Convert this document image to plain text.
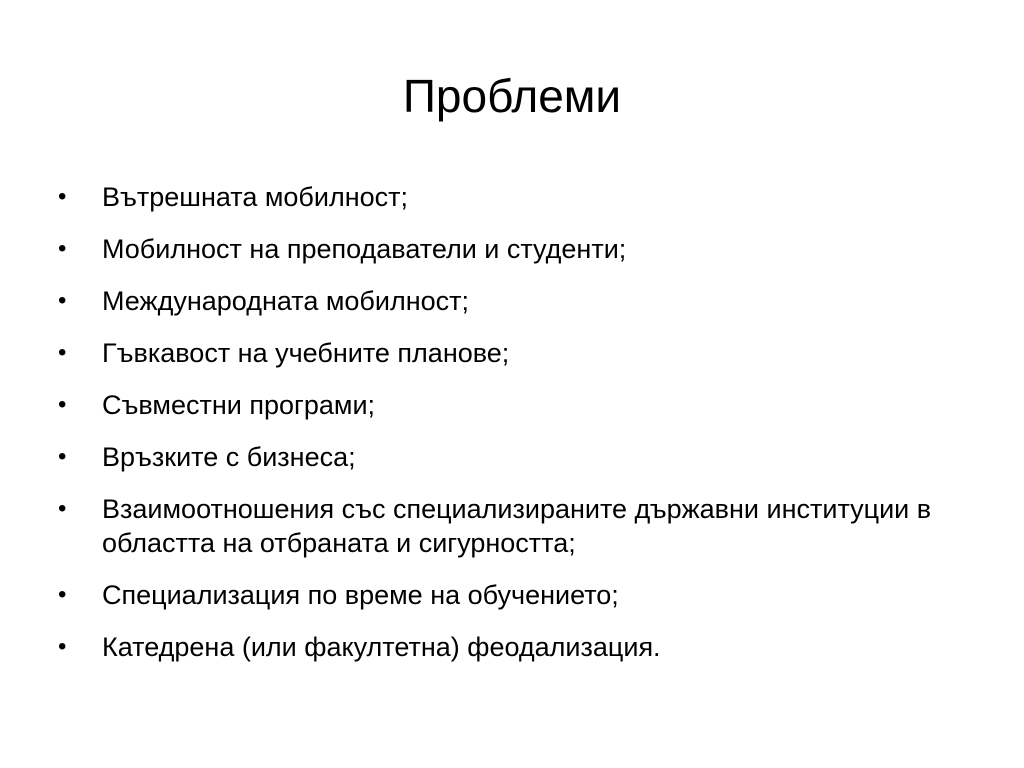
Проблеми
•	Вътрешната мобилност;
•	Мобилност на преподаватели и студенти;
•	Международната мобилност;
•	Гъвкавост на учебните планове;
•	Съвместни програми;
•	Връзките с бизнеса;
•	Взаимоотношения със специализираните държавни институции в областта на отбраната и сигурността;
•	Специализация по време на обучението;
•	Катедрена (или факултетна) феодализация.
